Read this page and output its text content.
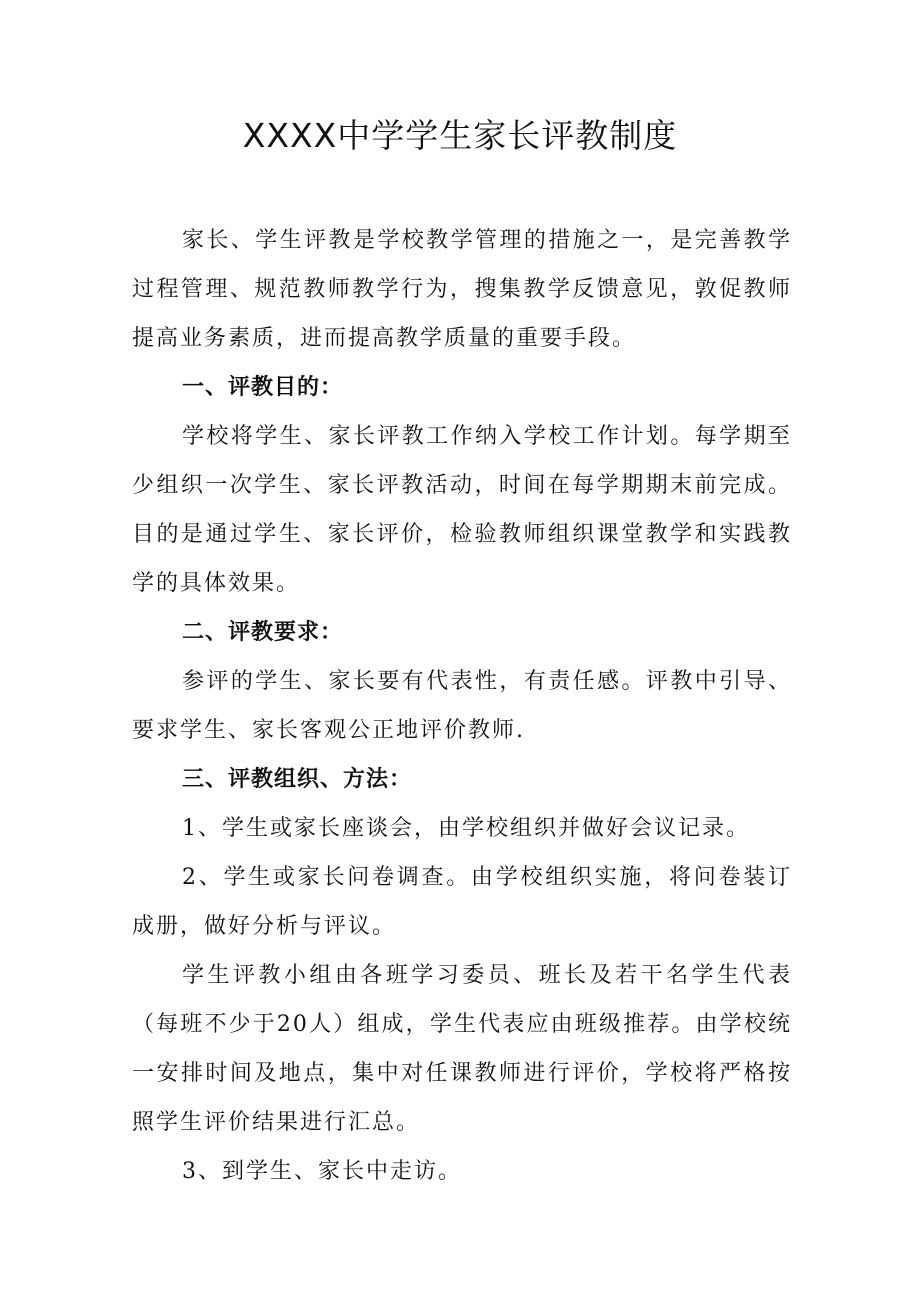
XXXX中学学生家长评教制度

家长、学生评教是学校教学管理的措施之一，是完善教学过程管理、规范教师教学行为，搜集教学反馈意见，敦促教师提高业务素质，进而提高教学质量的重要手段。

一、评教目的：

学校将学生、家长评教工作纳入学校工作计划。每学期至少组织一次学生、家长评教活动，时间在每学期期末前完成。目的是通过学生、家长评价，检验教师组织课堂教学和实践教学的具体效果。

二、评教要求：

参评的学生、家长要有代表性，有责任感。评教中引导、要求学生、家长客观公正地评价教师.

三、评教组织、方法：

1、学生或家长座谈会，由学校组织并做好会议记录。

2、学生或家长问卷调查。由学校组织实施，将问卷装订成册，做好分析与评议。

学生评教小组由各班学习委员、班长及若干名学生代表（每班不少于20人）组成，学生代表应由班级推荐。由学校统一安排时间及地点，集中对任课教师进行评价，学校将严格按照学生评价结果进行汇总。

3、到学生、家长中走访。
